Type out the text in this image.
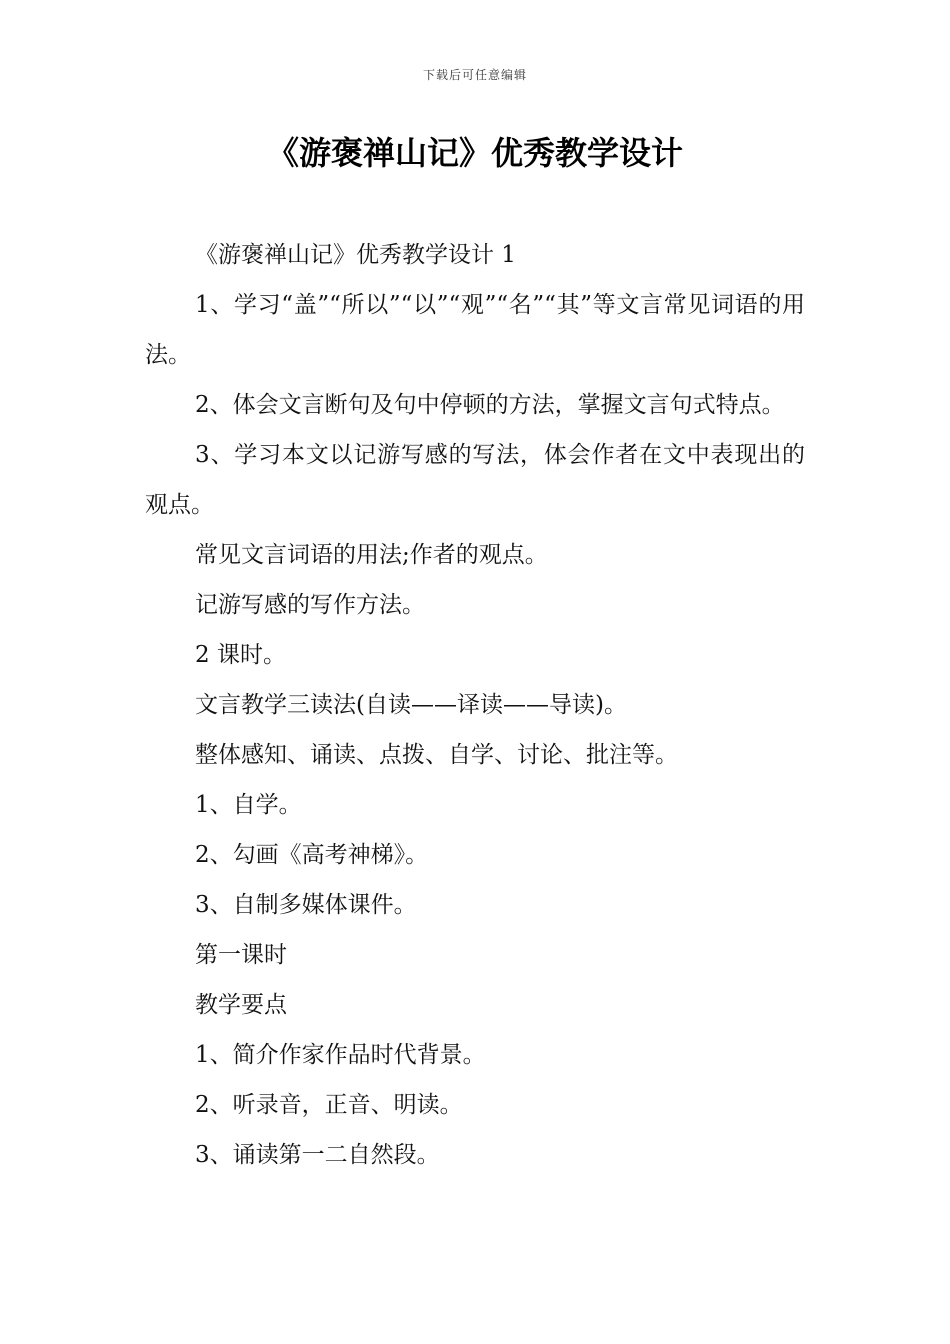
下载后可任意编辑
《游褒禅山记》优秀教学设计

《游褒禅山记》优秀教学设计 1

1、学习“盖”“所以”“以”“观”“名”“其”等文言常见词语的用法。

2、体会文言断句及句中停顿的方法，掌握文言句式特点。

3、学习本文以记游写感的写法，体会作者在文中表现出的观点。

常见文言词语的用法;作者的观点。

记游写感的写作方法。

2 课时。

文言教学三读法(自读——译读——导读)。

整体感知、诵读、点拨、自学、讨论、批注等。

1、自学。

2、勾画《高考神梯》。

3、自制多媒体课件。

第一课时

教学要点

1、简介作家作品时代背景。

2、听录音，正音、明读。

3、诵读第一二自然段。
